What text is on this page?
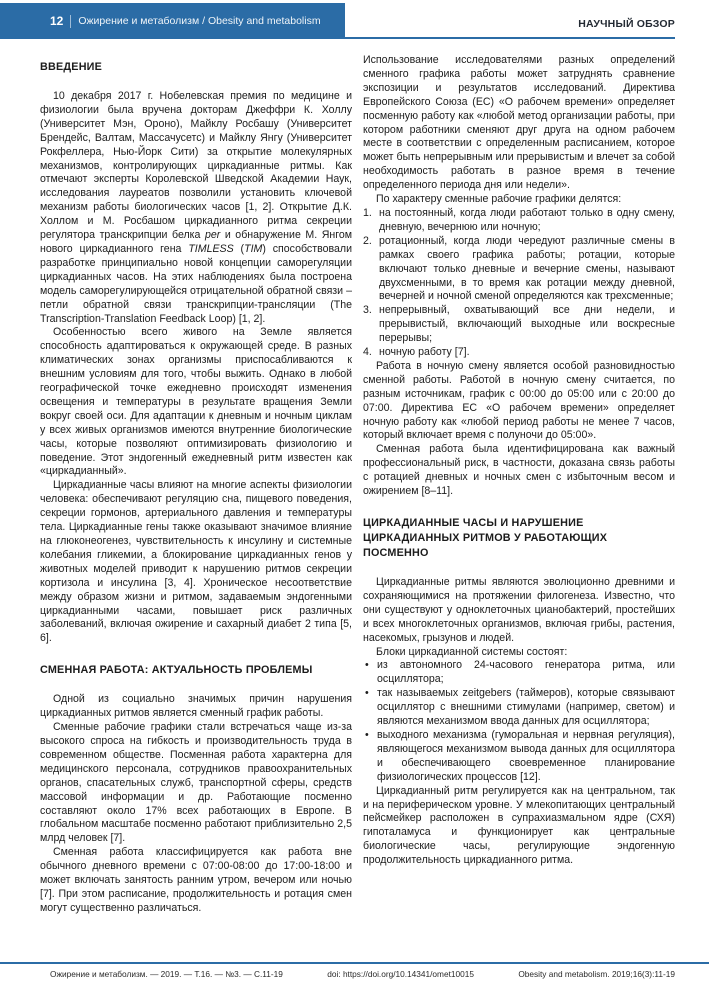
12 Ожирение и метаболизм / Obesity and metabolism	НАУЧНЫЙ ОБЗОР
ВВЕДЕНИЕ

10 декабря 2017 г. Нобелевская премия по медицине и физиологии была вручена докторам Джеффри К. Холлу (Университет Мэн, Ороно), Майклу Росбашу (Университет Брендейс, Валтам, Массачусетс) и Майклу Янгу (Университет Рокфеллера, Нью-Йорк Сити) за открытие молекулярных механизмов, контролирующих циркадианные ритмы. Как отмечают эксперты Королевской Шведской Академии Наук, исследования лауреатов позволили установить ключевой механизм работы биологических часов [1, 2]. Открытие Д.К. Холлом и М. Росбашом циркадианного ритма секреции регулятора транскрипции белка per и обнаружение М. Янгом нового циркадианного гена TIMLESS (TIM) способствовали разработке принципиально новой концепции саморегуляции циркадианных часов. На этих наблюдениях была построена модель саморегулирующейся отрицательной обратной связи – петли обратной связи транскрипции-трансляции (The Transcription-Translation Feedback Loop) [1, 2].

Особенностью всего живого на Земле является способность адаптироваться к окружающей среде. В разных климатических зонах организмы приспосабливаются к внешним условиям для того, чтобы выжить. Однако в любой географической точке ежедневно происходят изменения освещения и температуры в результате вращения Земли вокруг своей оси. Для адаптации к дневным и ночным циклам у всех живых организмов имеются внутренние биологические часы, которые позволяют оптимизировать физиологию и поведение. Этот эндогенный ежедневный ритм известен как «циркадианный».

Циркадианные часы влияют на многие аспекты физиологии человека: обеспечивают регуляцию сна, пищевого поведения, секреции гормонов, артериального давления и температуры тела. Циркадианные гены также оказывают значимое влияние на глюконеогенез, чувствительность к инсулину и системные колебания гликемии, а блокирование циркадианных генов у животных моделей приводит к нарушению ритмов секреции кортизола и инсулина [3, 4]. Хроническое несоответствие между образом жизни и ритмом, задаваемым эндогенными циркадианными часами, повышает риск различных заболеваний, включая ожирение и сахарный диабет 2 типа [5, 6].

СМЕННАЯ РАБОТА: АКТУАЛЬНОСТЬ ПРОБЛЕМЫ

Одной из социально значимых причин нарушения циркадианных ритмов является сменный график работы.

Сменные рабочие графики стали встречаться чаще из-за высокого спроса на гибкость и производительность труда в современном обществе. Посменная работа характерна для медицинского персонала, сотрудников правоохранительных органов, спасательных служб, транспортной сферы, средств массовой информации и др. Работающие посменно составляют около 17% всех работающих в Европе. В глобальном масштабе посменно работают приблизительно 2,5 млрд человек [7].

Сменная работа классифицируется как работа вне обычного дневного времени с 07:00-08:00 до 17:00-18:00 и может включать занятость ранним утром, вечером или ночью [7]. При этом расписание, продолжительность и ротация смен могут существенно различаться.

Использование исследователями разных определений сменного графика работы может затруднять сравнение экспозиции и результатов исследований. Директива Европейского Союза (ЕС) «О рабочем времени» определяет посменную работу как «любой метод организации работы, при котором работники сменяют друг друга на одном рабочем месте в соответствии с определенным расписанием, которое может быть непрерывным или прерывистым и влечет за собой необходимость работать в разное время в течение определенного периода дня или недели».

По характеру сменные рабочие графики делятся:

1. на постоянный, когда люди работают только в одну смену, дневную, вечернюю или ночную;
2. ротационный, когда люди чередуют различные смены в рамках своего графика работы; ротации, которые включают только дневные и вечерние смены, называют двухсменными, в то время как ротации между дневной, вечерней и ночной сменой определяются как трехсменные;
3. непрерывный, охватывающий все дни недели, и прерывистый, включающий выходные или воскресные перерывы;
4. ночную работу [7].

Работа в ночную смену является особой разновидностью сменной работы. Работой в ночную смену считается, по разным источникам, график с 00:00 до 05:00 или с 20:00 до 07:00. Директива ЕС «О рабочем времени» определяет ночную работу как «любой период работы не менее 7 часов, который включает время с полуночи до 05:00».

Сменная работа была идентифицирована как важный профессиональный риск, в частности, доказана связь работы с ротацией дневных и ночных смен с избыточным весом и ожирением [8–11].

ЦИРКАДИАННЫЕ ЧАСЫ И НАРУШЕНИЕ ЦИРКАДИАННЫХ РИТМОВ У РАБОТАЮЩИХ ПОСМЕННО

Циркадианные ритмы являются эволюционно древними и сохраняющимися на протяжении филогенеза. Известно, что они существуют у одноклеточных цианобактерий, простейших и всех многоклеточных организмов, включая грибы, растения, насекомых, грызунов и людей.

Блоки циркадианной системы состоят:

• из автономного 24-часового генератора ритма, или осциллятора;
• так называемых zeitgebers (таймеров), которые связывают осциллятор с внешними стимулами (например, светом) и являются механизмом ввода данных для осциллятора;
• выходного механизма (гуморальная и нервная регуляция), являющегося механизмом вывода данных для осциллятора и обеспечивающего своевременное планирование физиологических процессов [12].

Циркадианный ритм регулируется как на центральном, так и на периферическом уровне. У млекопитающих центральный пейсмейкер расположен в супрахиазмальном ядре (СХЯ) гипоталамуса и функционирует как центральные биологические часы, регулирующие эндогенную продолжительность циркадианного ритма.

Ожирение и метаболизм. — 2019. — Т.16. — №3. — С.11-19	doi: https://doi.org/10.14341/omet10015	Obesity and metabolism. 2019;16(3):11-19
